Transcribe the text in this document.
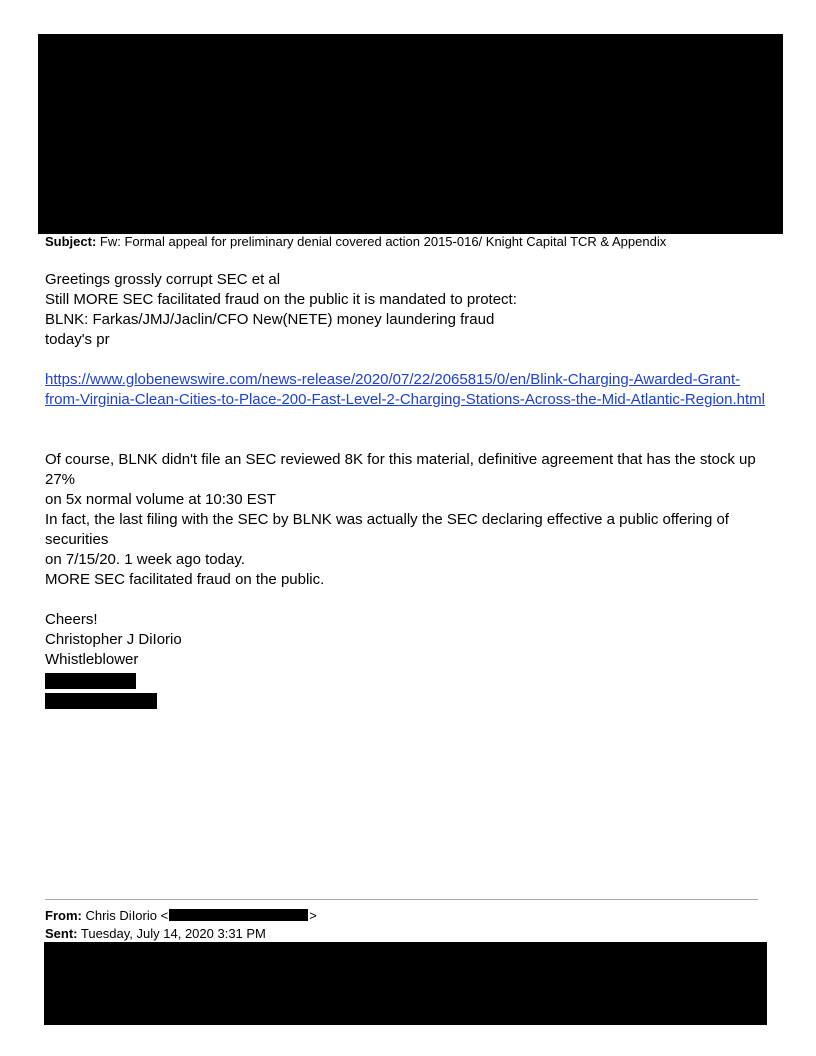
Subject: Fw: Formal appeal for preliminary denial covered action 2015-016/ Knight Capital TCR & Appendix

Greetings grossly corrupt SEC et al

Still MORE SEC facilitated fraud on the public it is mandated to protect:

BLNK: Farkas/JMJ/Jaclin/CFO New(NETE) money laundering fraud

today's pr

https://www.globenewswire.com/news-release/2020/07/22/2065815/0/en/Blink-Charging-Awarded-Grant-
from-Virginia-Clean-Cities-to-Place-200-Fast-Level-2-Charging-Stations-Across-the-Mid-Atlantic-Region.html

Of course, BLNK didn't file an SEC reviewed 8K for this material, definitive agreement that has the stock up 27%

on 5x normal volume at 10:30 EST

In fact, the last filing with the SEC by BLNK was actually the SEC declaring effective a public offering of securities

on 7/15/20. 1 week ago today.

MORE SEC facilitated fraud on the public.

Cheers!

Christopher J DiIorio

Whistleblower

From: Chris DiIorio <	>
Sent: Tuesday, July 14, 2020 3:31 PM
